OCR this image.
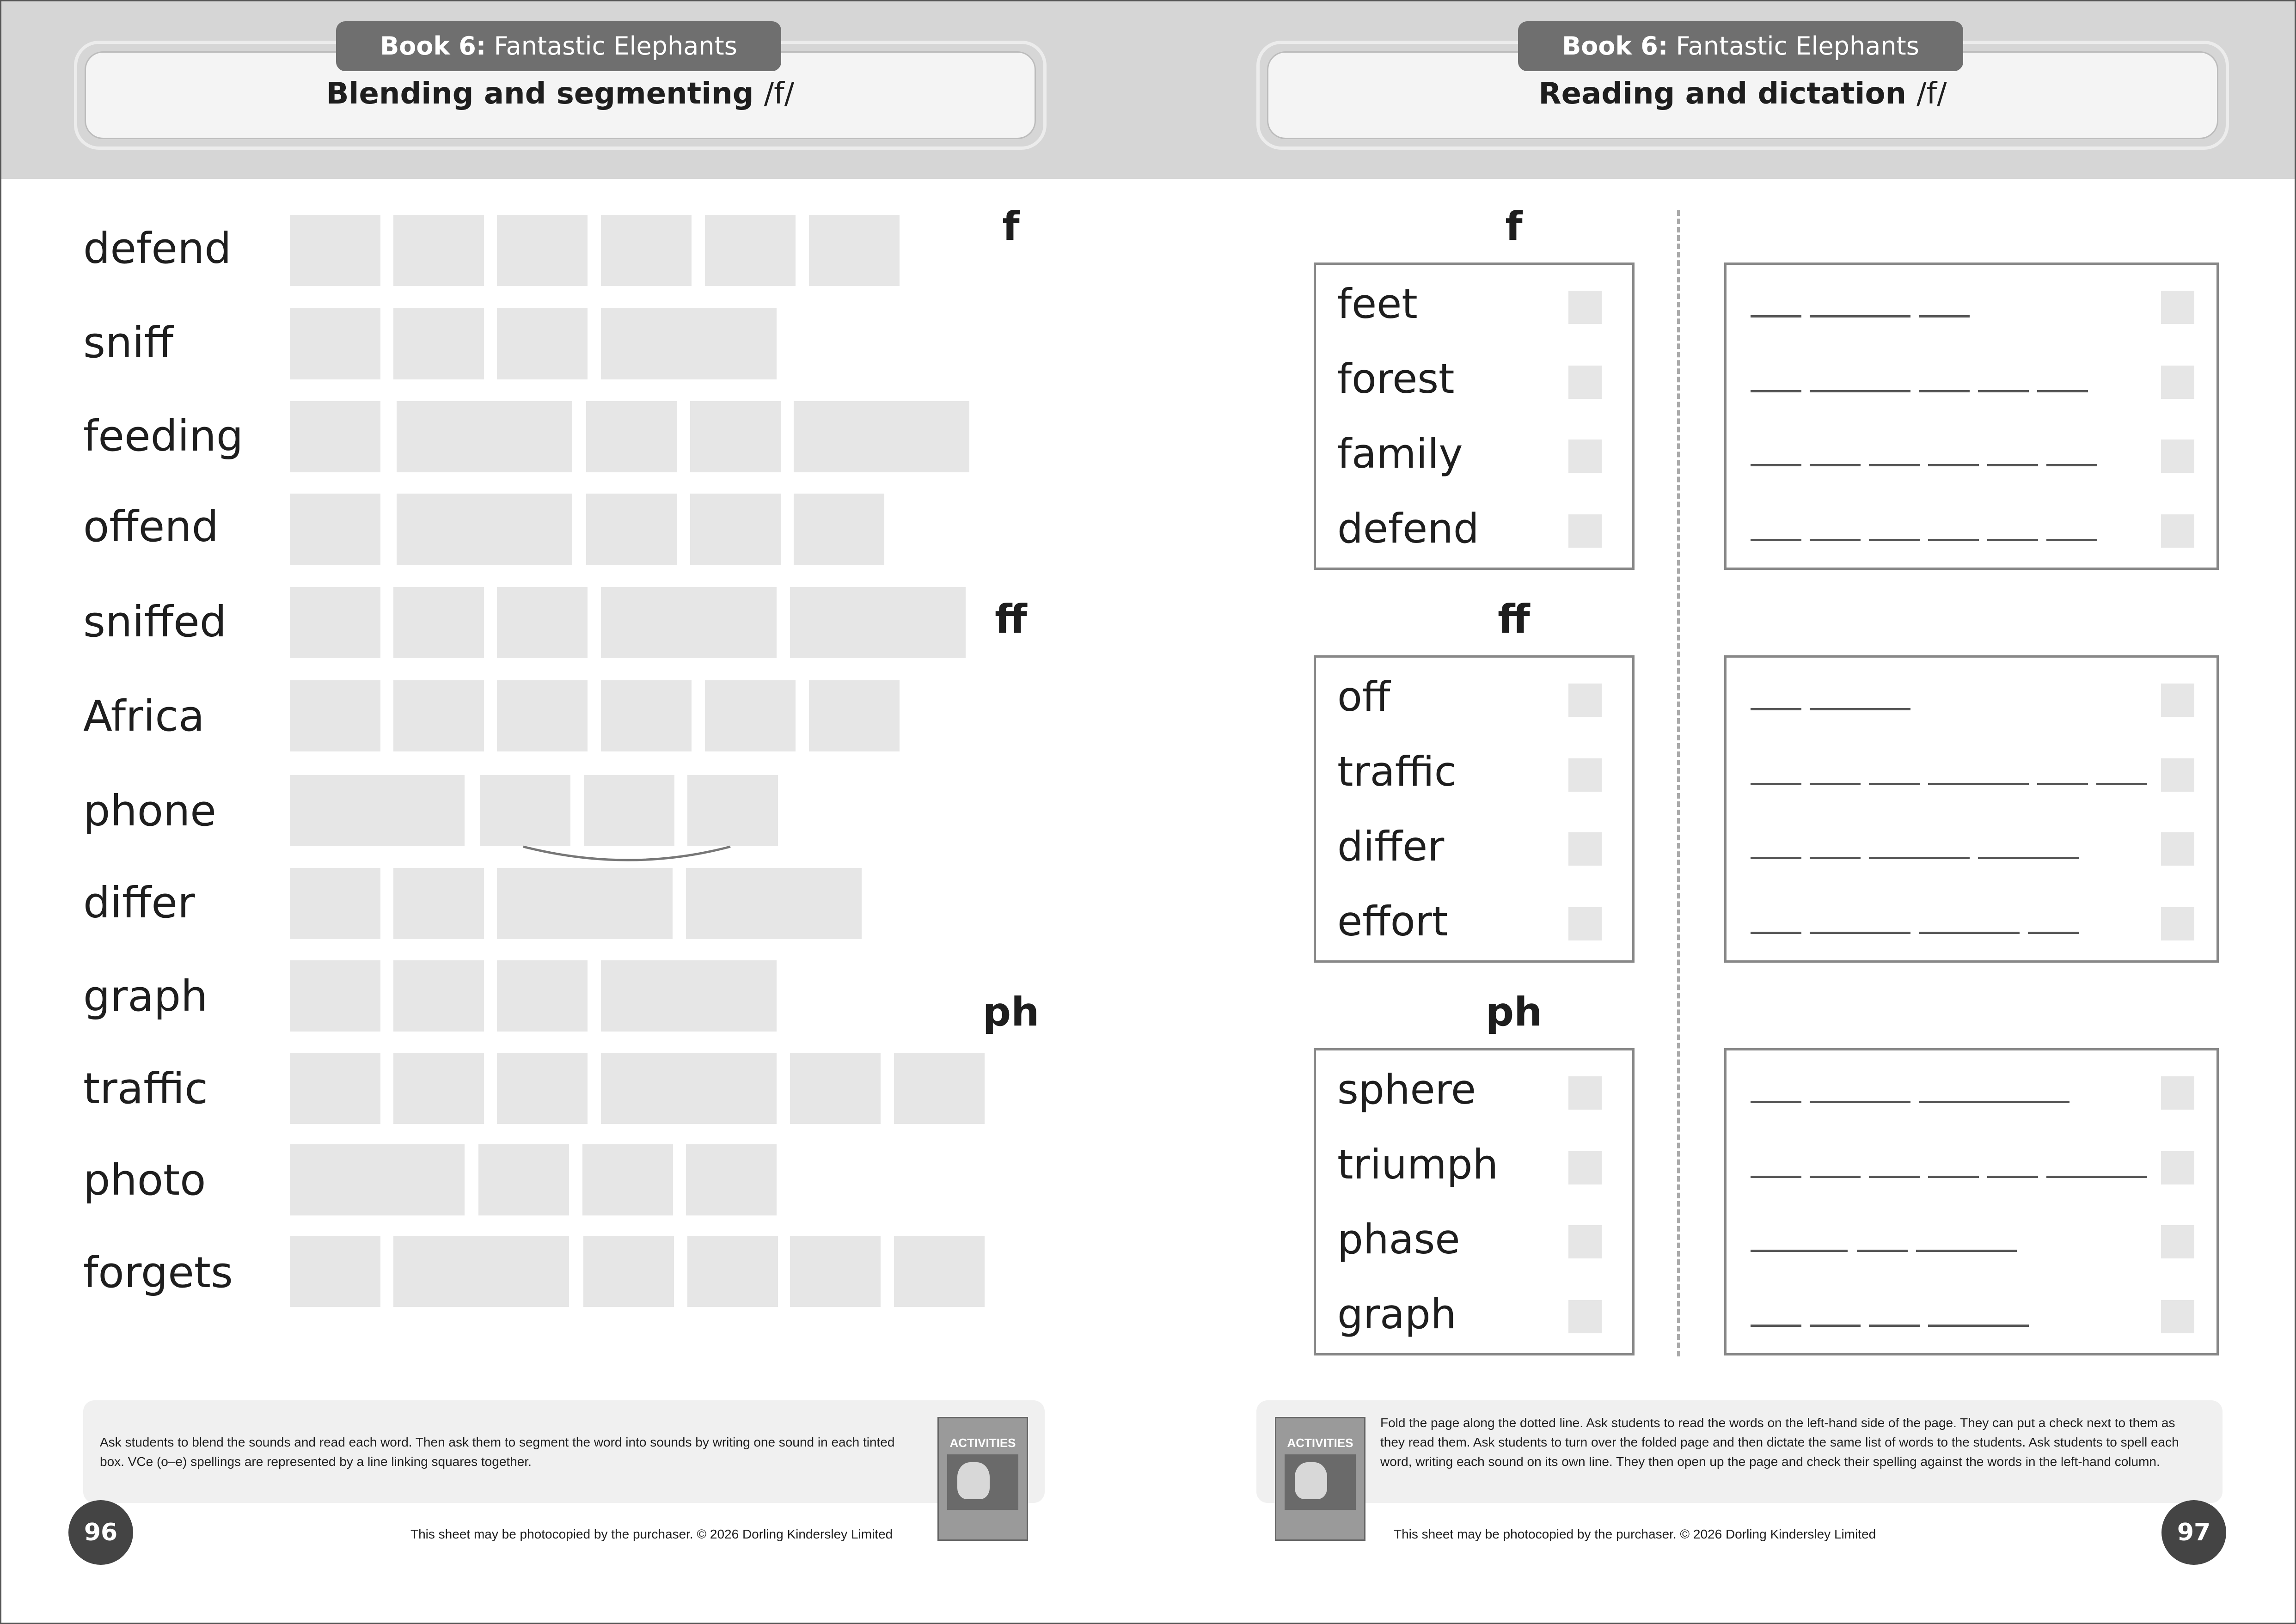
Blending and segmenting /f/
Book 6: Fantastic Elephants
Reading and dictation /f/
Book 6: Fantastic Elephants
defend
sniff
feeding
offend
sniffed
Africa
phone
differ
graph
traffic
photo
forgets
f	f
feet
forest
family
defend
ff	ff
off
traffic
differ
effort
ph	ph
sphere
triumph
phase
graph
Ask students to blend the sounds and read each word. Then ask them to segment the word into sounds by writing one sound in each tinted box. VCe (o–e) spellings are represented by a line linking squares together.
ACTIVITIES
96	This sheet may be photocopied by the purchaser. © 2026 Dorling Kindersley Limited
Fold the page along the dotted line. Ask students to read the words on the left-hand side of the page. They can put a check next to them as they read them. Ask students to turn over the folded page and then dictate the same list of words to the students. Ask students to spell each word, writing each sound on its own line. They then open up the page and check their spelling against the words in the left-hand column.
ACTIVITIES
This sheet may be photocopied by the purchaser. © 2026 Dorling Kindersley Limited	97
